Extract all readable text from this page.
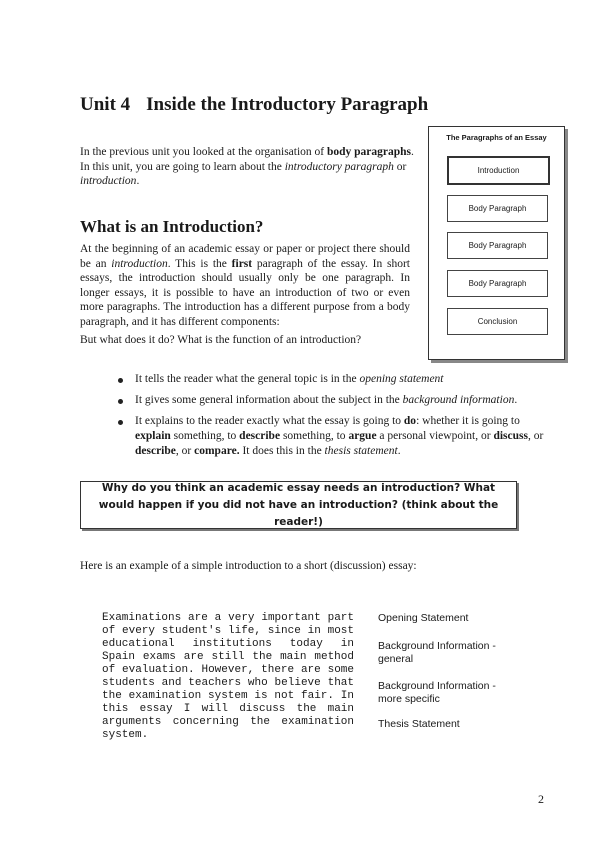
Unit 4 Inside the Introductory Paragraph
In the previous unit you looked at the organisation of body paragraphs. In this unit, you are going to learn about the introductory paragraph or introduction.
What is an Introduction?
At the beginning of an academic essay or paper or project there should be an introduction. This is the first paragraph of the essay. In short essays, the introduction should usually only be one paragraph. In longer essays, it is possible to have an introduction of two or even more paragraphs. The introduction has a different purpose from a body paragraph, and it has different components:
But what does it do? What is the function of an introduction?
The Paragraphs of an Essay
Introduction
Body Paragraph
Body Paragraph
Body Paragraph
Conclusion
It tells the reader what the general topic is in the opening statement
It gives some general information about the subject in the background information.
It explains to the reader exactly what the essay is going to do: whether it is going to explain something, to describe something, to argue a personal viewpoint, or discuss, or describe, or compare. It does this in the thesis statement.
Why do you think an academic essay needs an introduction? What would happen if you did not have an introduction? (think about the reader!)
Here is an example of a simple introduction to a short (discussion) essay:
Examinations are a very important part of every student's life, since in most educational institutions today in Spain exams are still the main method of evaluation. However, there are some students and teachers who believe that the examination system is not fair. In this essay I will discuss the main arguments concerning the examination system.
Opening Statement
Background Information - general
Background Information - more specific
Thesis Statement
2
